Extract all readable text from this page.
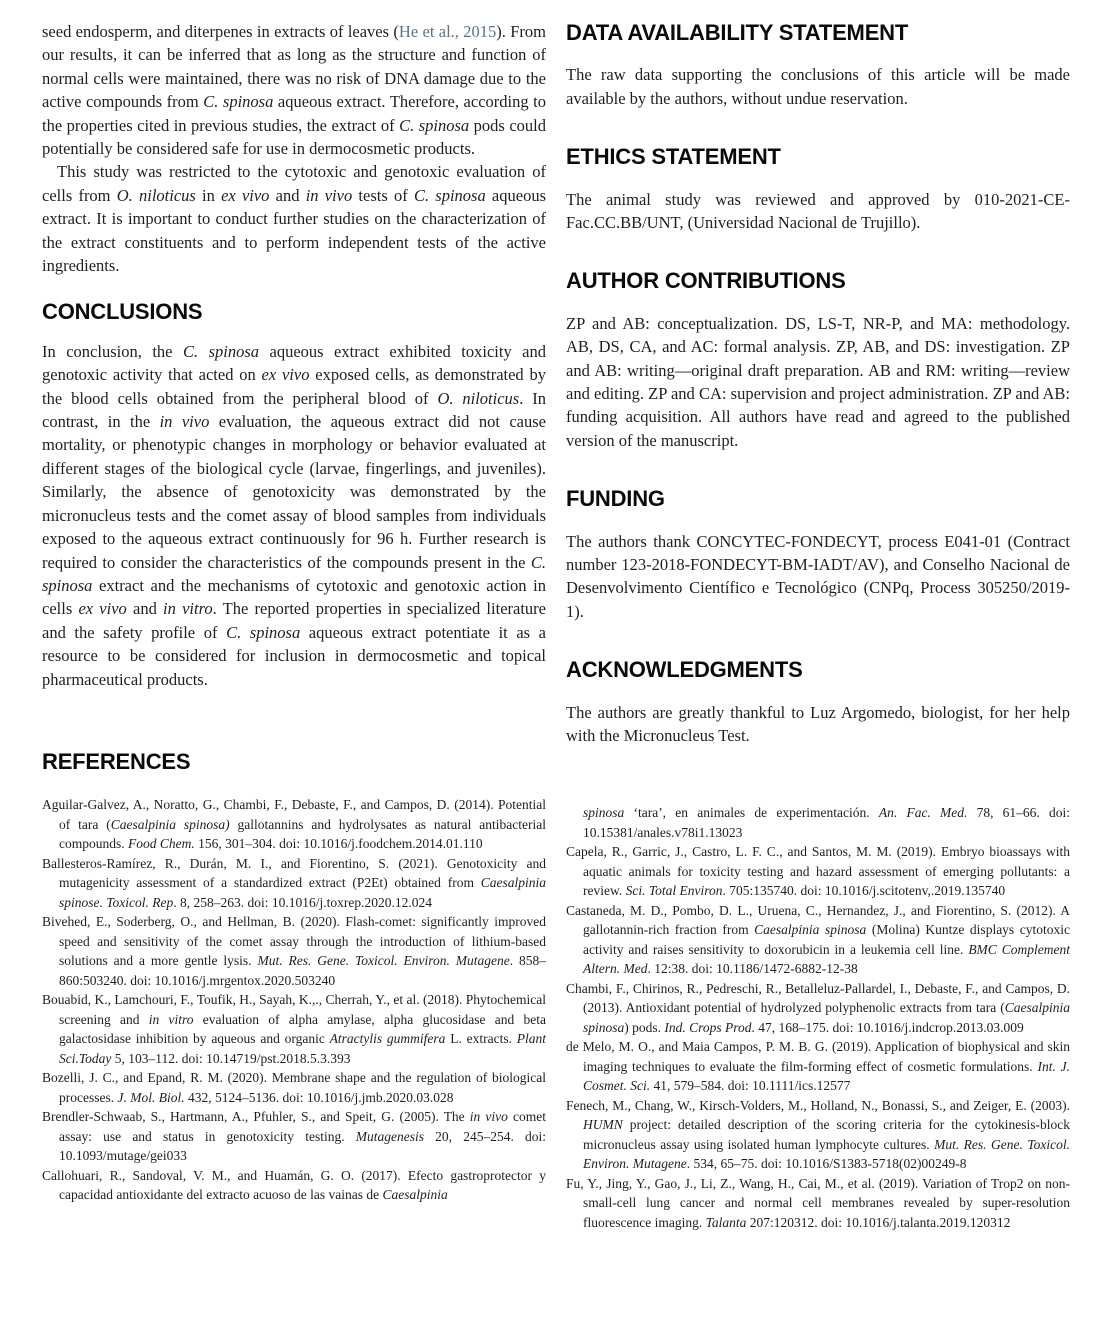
seed endosperm, and diterpenes in extracts of leaves (He et al., 2015). From our results, it can be inferred that as long as the structure and function of normal cells were maintained, there was no risk of DNA damage due to the active compounds from C. spinosa aqueous extract. Therefore, according to the properties cited in previous studies, the extract of C. spinosa pods could potentially be considered safe for use in dermocosmetic products.

This study was restricted to the cytotoxic and genotoxic evaluation of cells from O. niloticus in ex vivo and in vivo tests of C. spinosa aqueous extract. It is important to conduct further studies on the characterization of the extract constituents and to perform independent tests of the active ingredients.

CONCLUSIONS

In conclusion, the C. spinosa aqueous extract exhibited toxicity and genotoxic activity that acted on ex vivo exposed cells, as demonstrated by the blood cells obtained from the peripheral blood of O. niloticus. In contrast, in the in vivo evaluation, the aqueous extract did not cause mortality, or phenotypic changes in morphology or behavior evaluated at different stages of the biological cycle (larvae, fingerlings, and juveniles). Similarly, the absence of genotoxicity was demonstrated by the micronucleus tests and the comet assay of blood samples from individuals exposed to the aqueous extract continuously for 96 h. Further research is required to consider the characteristics of the compounds present in the C. spinosa extract and the mechanisms of cytotoxic and genotoxic action in cells ex vivo and in vitro. The reported properties in specialized literature and the safety profile of C. spinosa aqueous extract potentiate it as a resource to be considered for inclusion in dermocosmetic and topical pharmaceutical products.

REFERENCES

Aguilar-Galvez, A., Noratto, G., Chambi, F., Debaste, F., and Campos, D. (2014). Potential of tara (Caesalpinia spinosa) gallotannins and hydrolysates as natural antibacterial compounds. Food Chem. 156, 301–304. doi: 10.1016/j.foodchem.2014.01.110

Ballesteros-Ramírez, R., Durán, M. I., and Fiorentino, S. (2021). Genotoxicity and mutagenicity assessment of a standardized extract (P2Et) obtained from Caesalpinia spinose. Toxicol. Rep. 8, 258–263. doi: 10.1016/j.toxrep.2020.12.024

Bivehed, E., Soderberg, O., and Hellman, B. (2020). Flash-comet: significantly improved speed and sensitivity of the comet assay through the introduction of lithium-based solutions and a more gentle lysis. Mut. Res. Gene. Toxicol. Environ. Mutagene. 858–860:503240. doi: 10.1016/j.mrgentox.2020.503240

Bouabid, K., Lamchouri, F., Toufik, H., Sayah, K.,., Cherrah, Y., et al. (2018). Phytochemical screening and in vitro evaluation of alpha amylase, alpha glucosidase and beta galactosidase inhibition by aqueous and organic Atractylis gummifera L. extracts. Plant Sci.Today 5, 103–112. doi: 10.14719/pst.2018.5.3.393

Bozelli, J. C., and Epand, R. M. (2020). Membrane shape and the regulation of biological processes. J. Mol. Biol. 432, 5124–5136. doi: 10.1016/j.jmb.2020.03.028

Brendler-Schwaab, S., Hartmann, A., Pfuhler, S., and Speit, G. (2005). The in vivo comet assay: use and status in genotoxicity testing. Mutagenesis 20, 245–254. doi: 10.1093/mutage/gei033

Callohuari, R., Sandoval, V. M., and Huamán, G. O. (2017). Efecto gastroprotector y capacidad antioxidante del extracto acuoso de las vainas de Caesalpinia

DATA AVAILABILITY STATEMENT

The raw data supporting the conclusions of this article will be made available by the authors, without undue reservation.

ETHICS STATEMENT

The animal study was reviewed and approved by 010-2021-CE-Fac.CC.BB/UNT, (Universidad Nacional de Trujillo).

AUTHOR CONTRIBUTIONS

ZP and AB: conceptualization. DS, LS-T, NR-P, and MA: methodology. AB, DS, CA, and AC: formal analysis. ZP, AB, and DS: investigation. ZP and AB: writing—original draft preparation. AB and RM: writing—review and editing. ZP and CA: supervision and project administration. ZP and AB: funding acquisition. All authors have read and agreed to the published version of the manuscript.

FUNDING

The authors thank CONCYTEC-FONDECYT, process E041-01 (Contract number 123-2018-FONDECYT-BM-IADT/AV), and Conselho Nacional de Desenvolvimento Científico e Tecnológico (CNPq, Process 305250/2019-1).

ACKNOWLEDGMENTS

The authors are greatly thankful to Luz Argomedo, biologist, for her help with the Micronucleus Test.

spinosa ‘tara’, en animales de experimentación. An. Fac. Med. 78, 61–66. doi: 10.15381/anales.v78i1.13023

Capela, R., Garric, J., Castro, L. F. C., and Santos, M. M. (2019). Embryo bioassays with aquatic animals for toxicity testing and hazard assessment of emerging pollutants: a review. Sci. Total Environ. 705:135740. doi: 10.1016/j.scitotenv,.2019.135740

Castaneda, M. D., Pombo, D. L., Uruena, C., Hernandez, J., and Fiorentino, S. (2012). A gallotannin-rich fraction from Caesalpinia spinosa (Molina) Kuntze displays cytotoxic activity and raises sensitivity to doxorubicin in a leukemia cell line. BMC Complement Altern. Med. 12:38. doi: 10.1186/1472-6882-12-38

Chambi, F., Chirinos, R., Pedreschi, R., Betalleluz-Pallardel, I., Debaste, F., and Campos, D. (2013). Antioxidant potential of hydrolyzed polyphenolic extracts from tara (Caesalpinia spinosa) pods. Ind. Crops Prod. 47, 168–175. doi: 10.1016/j.indcrop.2013.03.009

de Melo, M. O., and Maia Campos, P. M. B. G. (2019). Application of biophysical and skin imaging techniques to evaluate the film-forming effect of cosmetic formulations. Int. J. Cosmet. Sci. 41, 579–584. doi: 10.1111/ics.12577

Fenech, M., Chang, W., Kirsch-Volders, M., Holland, N., Bonassi, S., and Zeiger, E. (2003). HUMN project: detailed description of the scoring criteria for the cytokinesis-block micronucleus assay using isolated human lymphocyte cultures. Mut. Res. Gene. Toxicol. Environ. Mutagene. 534, 65–75. doi: 10.1016/S1383-5718(02)00249-8

Fu, Y., Jing, Y., Gao, J., Li, Z., Wang, H., Cai, M., et al. (2019). Variation of Trop2 on non-small-cell lung cancer and normal cell membranes revealed by super-resolution fluorescence imaging. Talanta 207:120312. doi: 10.1016/j.talanta.2019.120312
